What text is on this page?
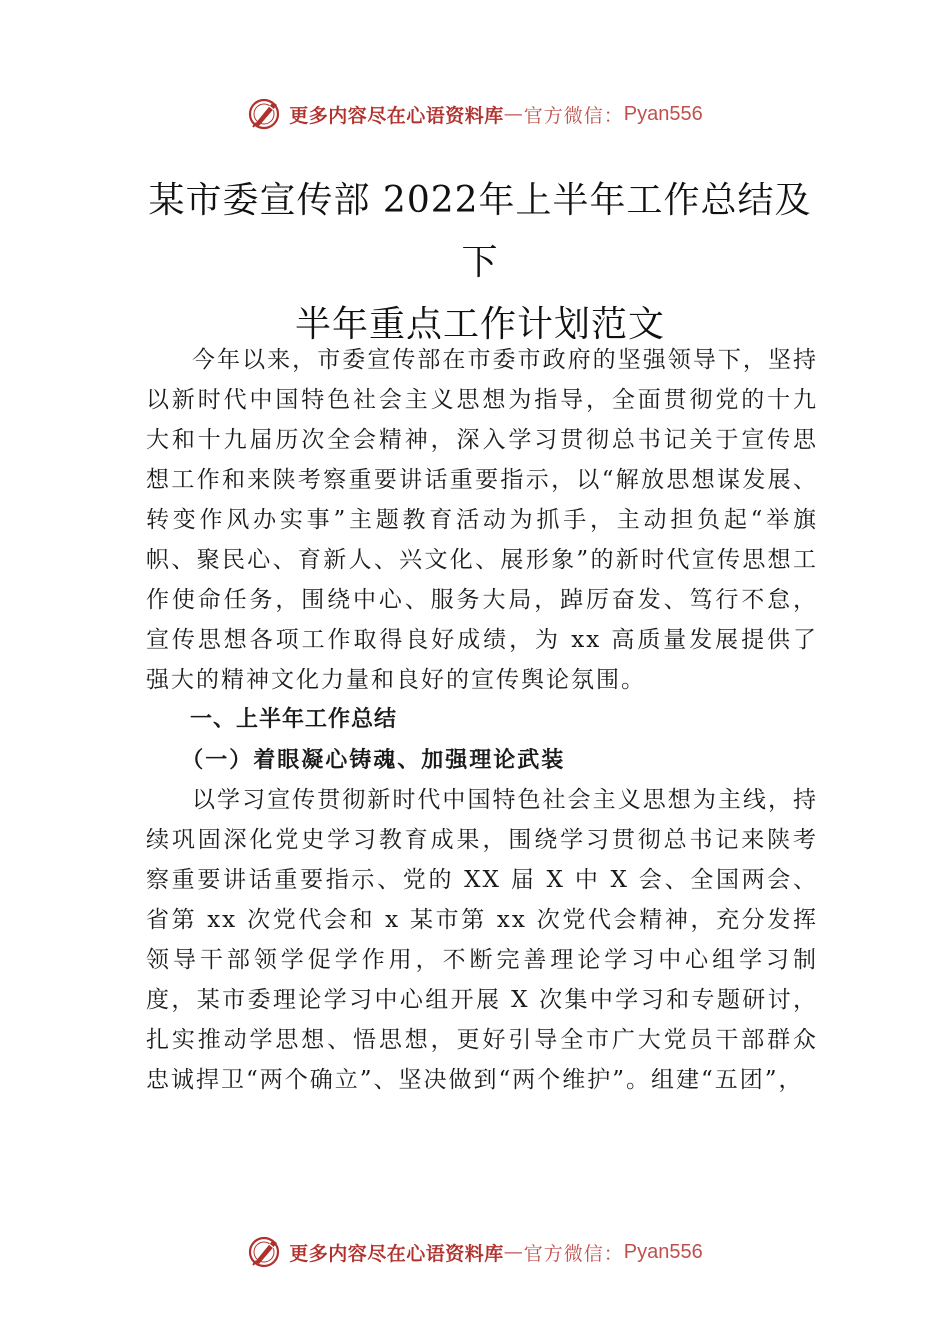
更多内容尽在心语资料库 — 官方微信： Pyan556
某市委宣传部 2022年上半年工作总结及下
半年重点工作计划范文

今年以来，市委宣传部在市委市政府的坚强领导下，坚持以新时代中国特色社会主义思想为指导，全面贯彻党的十九大和十九届历次全会精神，深入学习贯彻总书记关于宣传思想工作和来陕考察重要讲话重要指示，以“解放思想谋发展、转变作风办实事”主题教育活动为抓手，主动担负起“举旗帜、聚民心、育新人、兴文化、展形象”的新时代宣传思想工作使命任务，围绕中心、服务大局，踔厉奋发、笃行不怠，宣传思想各项工作取得良好成绩，为 xx 高质量发展提供了强大的精神文化力量和良好的宣传舆论氛围。

一、上半年工作总结

（一）着眼凝心铸魂、加强理论武装

以学习宣传贯彻新时代中国特色社会主义思想为主线，持续巩固深化党史学习教育成果，围绕学习贯彻总书记来陕考察重要讲话重要指示、党的 XX 届 X 中 X 会、全国两会、省第 xx 次党代会和 x 某市第 xx 次党代会精神，充分发挥领导干部领学促学作用，不断完善理论学习中心组学习制度，某市委理论学习中心组开展 X 次集中学习和专题研讨，扎实推动学思想、悟思想，更好引导全市广大党员干部群众忠诚捍卫“两个确立”、坚决做到“两个维护”。组建“五团”，

更多内容尽在心语资料库 — 官方微信： Pyan556
